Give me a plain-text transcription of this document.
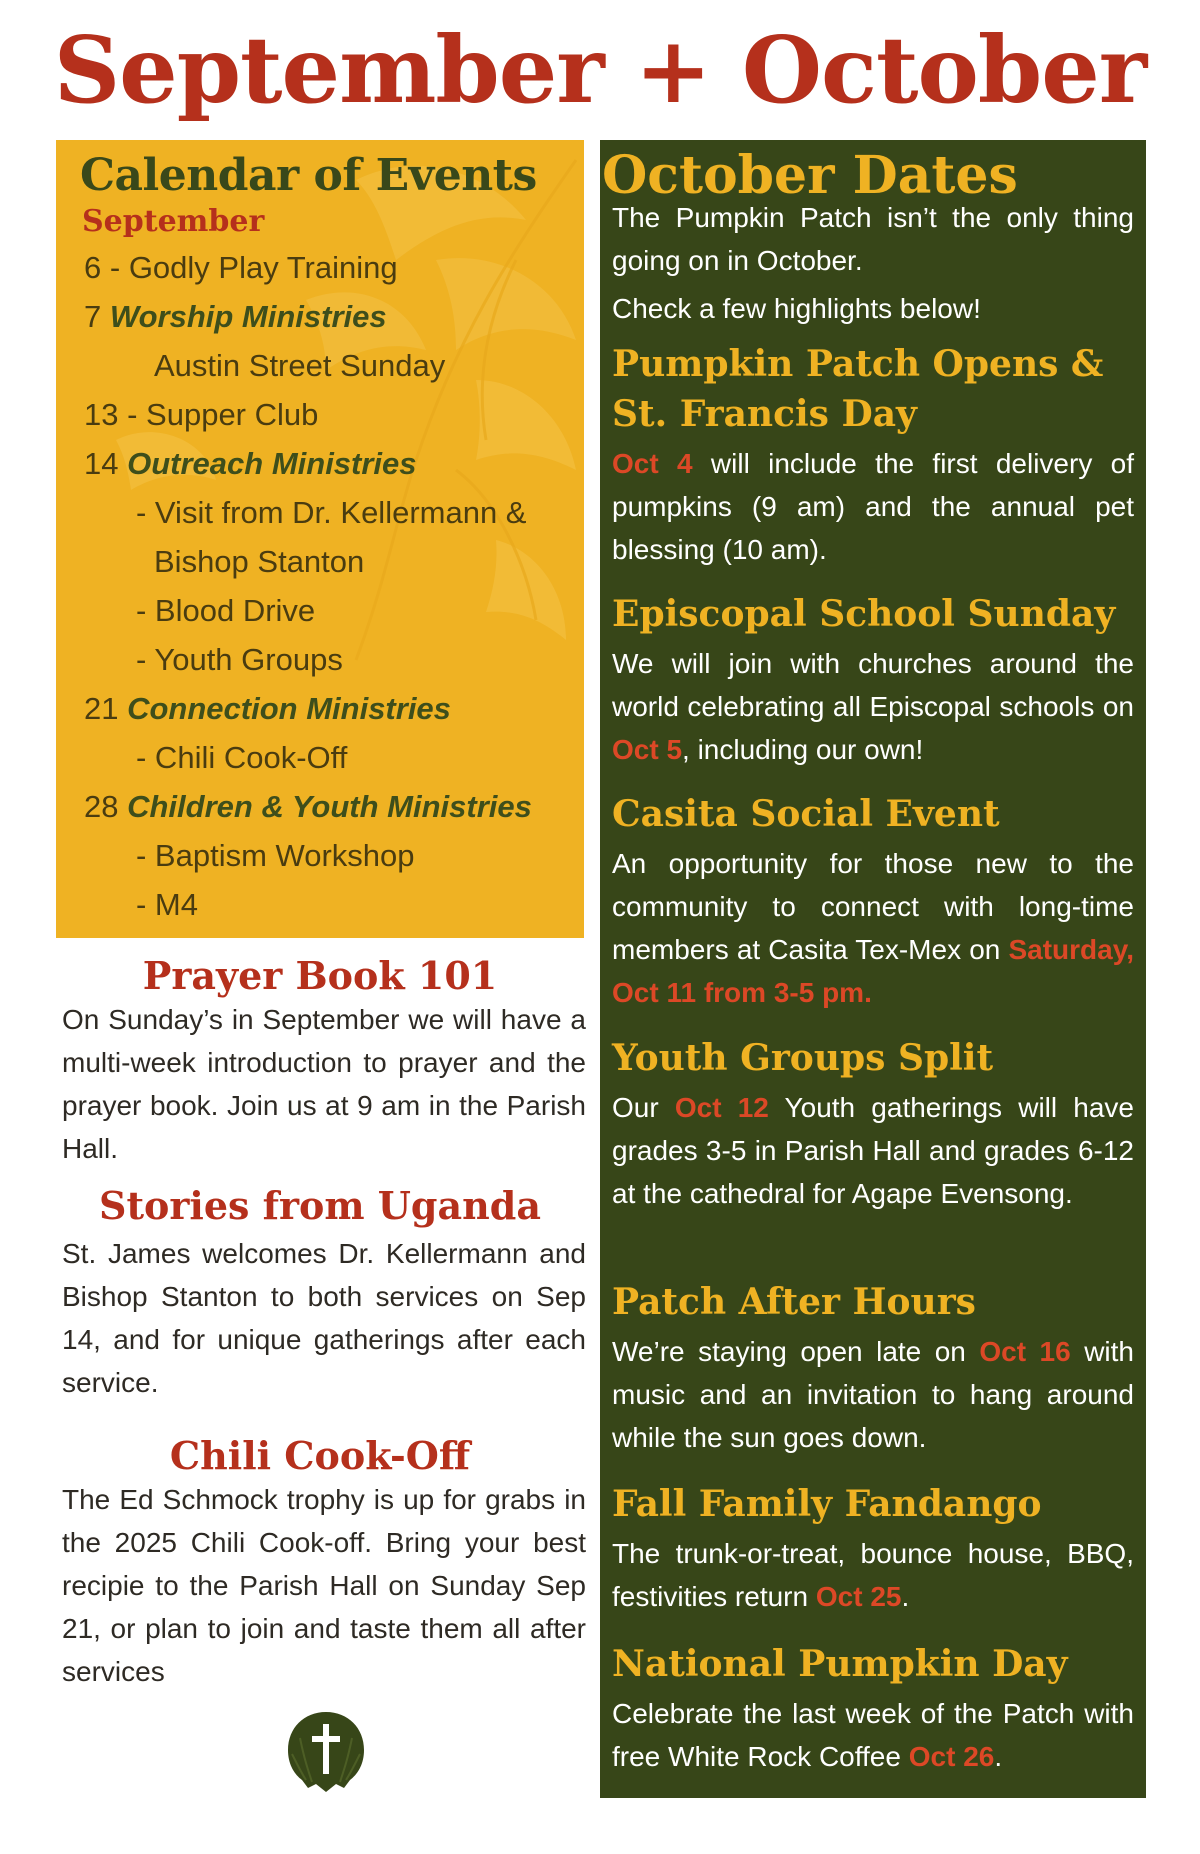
September + October
Calendar of Events
September
6 - Godly Play Training
7 Worship Ministries
Austin Street Sunday
13 - Supper Club
14 Outreach Ministries
- Visit from Dr. Kellermann &
Bishop Stanton
- Blood Drive
- Youth Groups
21 Connection Ministries
- Chili Cook-Off
28 Children & Youth Ministries
- Baptism Workshop
- M4
Prayer Book 101
On Sunday’s in September we will have a multi-week introduction to prayer and the prayer book. Join us at 9 am in the Parish Hall.
Stories from Uganda
St. James welcomes Dr. Kellermann and Bishop Stanton to both services on Sep 14, and for unique gatherings after each service.
Chili Cook-Off
The Ed Schmock trophy is up for grabs in the 2025 Chili Cook-off. Bring your best recipie to the Parish Hall on Sunday Sep 21, or plan to join and taste them all after services
October Dates
The Pumpkin Patch isn’t the only thing going on in October.
Check a few highlights below!
Pumpkin Patch Opens &
St. Francis Day
Oct 4 will include the first delivery of pumpkins (9 am) and the annual pet blessing (10 am).
Episcopal School Sunday
We will join with churches around the world celebrating all Episcopal schools on Oct 5, including our own!
Casita Social Event
An opportunity for those new to the community to connect with long-time members at Casita Tex-Mex on Saturday, Oct 11 from 3-5 pm.
Youth Groups Split
Our Oct 12 Youth gatherings will have grades 3-5 in Parish Hall and grades 6-12 at the cathedral for Agape Evensong.
Patch After Hours
We’re staying open late on Oct 16 with music and an invitation to hang around while the sun goes down.
Fall Family Fandango
The trunk-or-treat, bounce house, BBQ, festivities return Oct 25.
National Pumpkin Day
Celebrate the last week of the Patch with free White Rock Coffee Oct 26.
